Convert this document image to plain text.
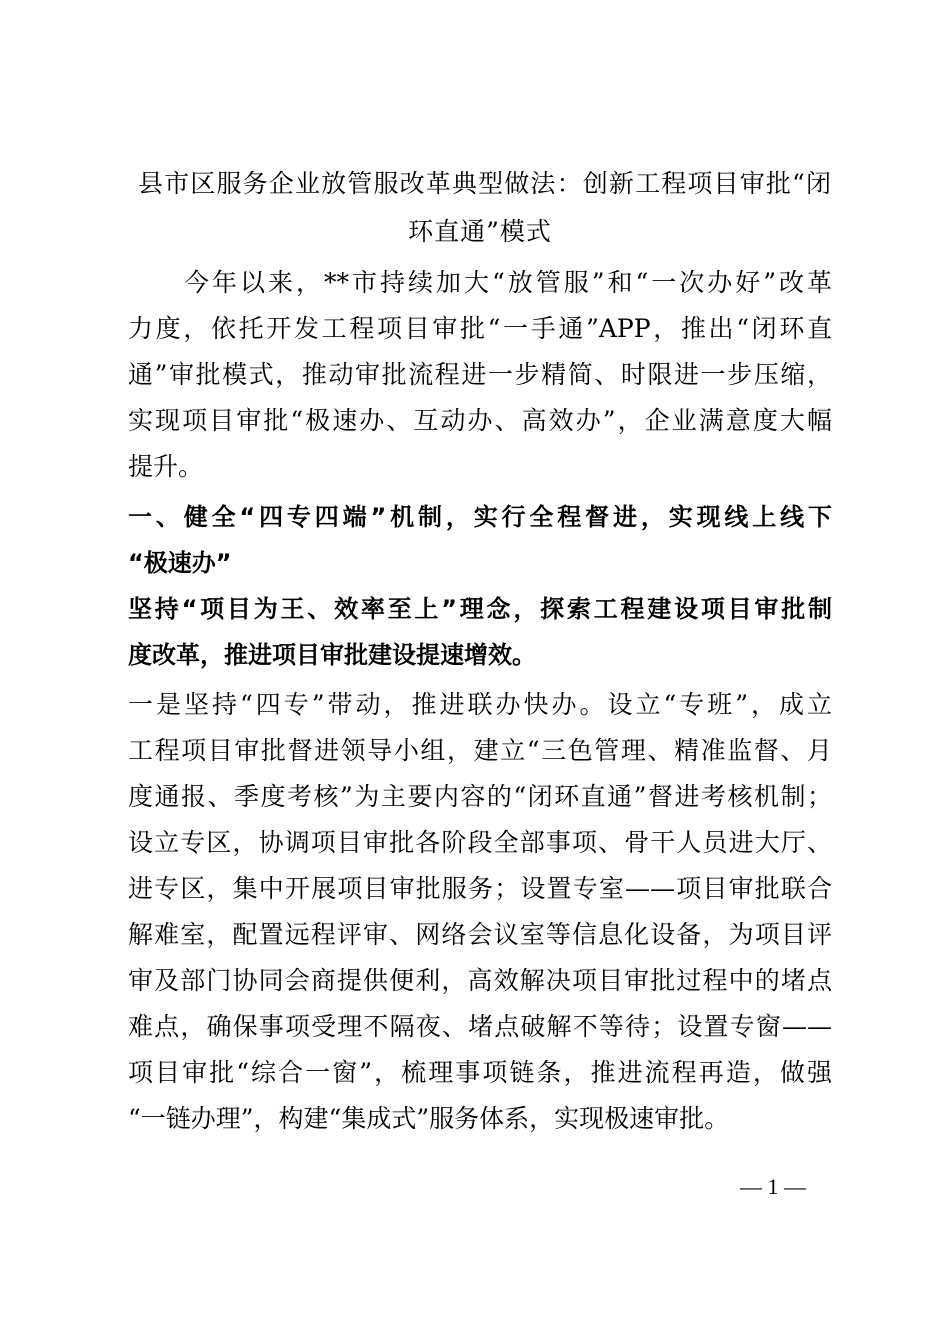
县市区服务企业放管服改革典型做法：创新工程项目审批“闭
环直通”模式
今年以来，**市持续加大“放管服”和“一次办好”改革
力度，依托开发工程项目审批“一手通”APP，推出“闭环直
通”审批模式，推动审批流程进一步精简、时限进一步压缩，
实现项目审批“极速办、互动办、高效办”，企业满意度大幅
提升。
一、健全“四专四端”机制，实行全程督进，实现线上线下
“极速办”
坚持“项目为王、效率至上”理念，探索工程建设项目审批制
度改革，推进项目审批建设提速增效。
一是坚持“四专”带动，推进联办快办。设立“专班”，成立
工程项目审批督进领导小组，建立“三色管理、精准监督、月
度通报、季度考核”为主要内容的“闭环直通”督进考核机制；
设立专区，协调项目审批各阶段全部事项、骨干人员进大厅、
进专区，集中开展项目审批服务；设置专室——项目审批联合
解难室，配置远程评审、网络会议室等信息化设备，为项目评
审及部门协同会商提供便利，高效解决项目审批过程中的堵点
难点，确保事项受理不隔夜、堵点破解不等待；设置专窗——
项目审批“综合一窗”，梳理事项链条，推进流程再造，做强
“一链办理”，构建“集成式”服务体系，实现极速审批。
— 1 —
